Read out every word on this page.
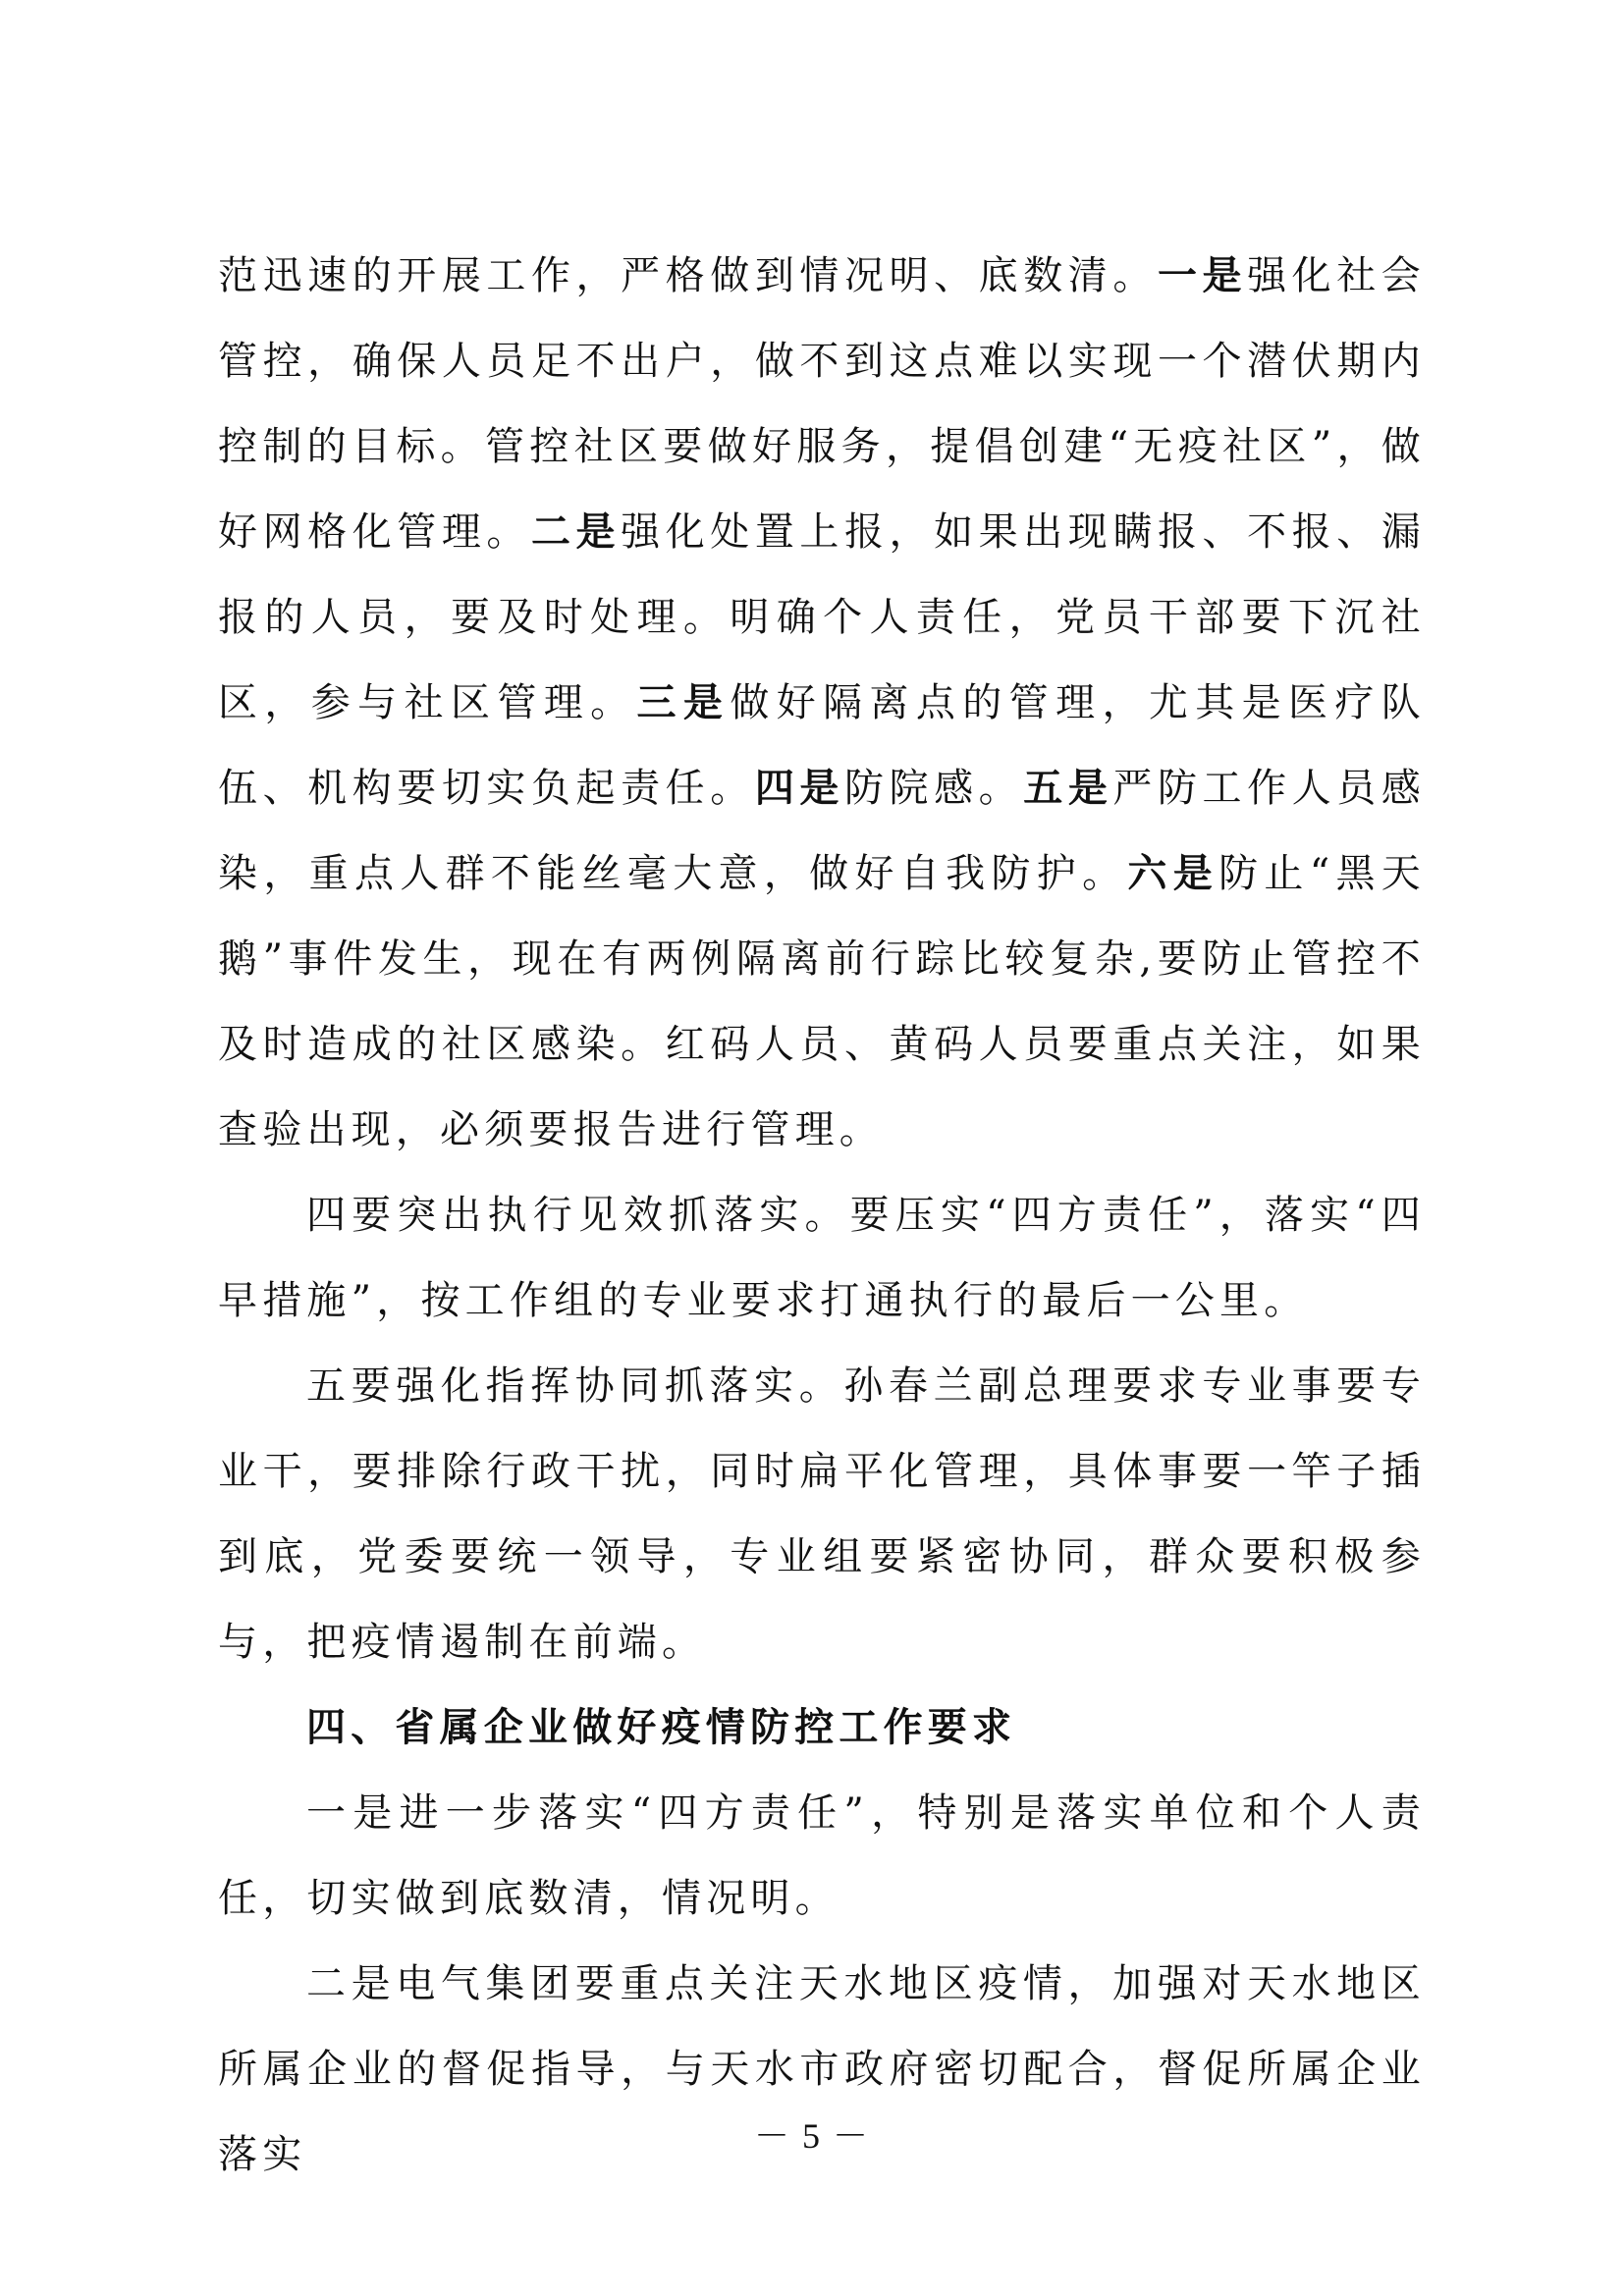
范迅速的开展工作，严格做到情况明、底数清。一是强化社会管控，确保人员足不出户，做不到这点难以实现一个潜伏期内控制的目标。管控社区要做好服务，提倡创建“无疫社区”，做好网格化管理。二是强化处置上报，如果出现瞒报、不报、漏报的人员，要及时处理。明确个人责任，党员干部要下沉社区，参与社区管理。三是做好隔离点的管理，尤其是医疗队伍、机构要切实负起责任。四是防院感。五是严防工作人员感染，重点人群不能丝毫大意，做好自我防护。六是防止“黑天鹅”事件发生，现在有两例隔离前行踪比较复杂,要防止管控不及时造成的社区感染。红码人员、黄码人员要重点关注，如果查验出现，必须要报告进行管理。

四要突出执行见效抓落实。要压实“四方责任”，落实“四早措施”，按工作组的专业要求打通执行的最后一公里。

五要强化指挥协同抓落实。孙春兰副总理要求专业事要专业干，要排除行政干扰，同时扁平化管理，具体事要一竿子插到底，党委要统一领导，专业组要紧密协同，群众要积极参与，把疫情遏制在前端。

四、省属企业做好疫情防控工作要求

一是进一步落实“四方责任”，特别是落实单位和个人责任，切实做到底数清，情况明。

二是电气集团要重点关注天水地区疫情，加强对天水地区所属企业的督促指导，与天水市政府密切配合，督促所属企业落实	－ 5 －
